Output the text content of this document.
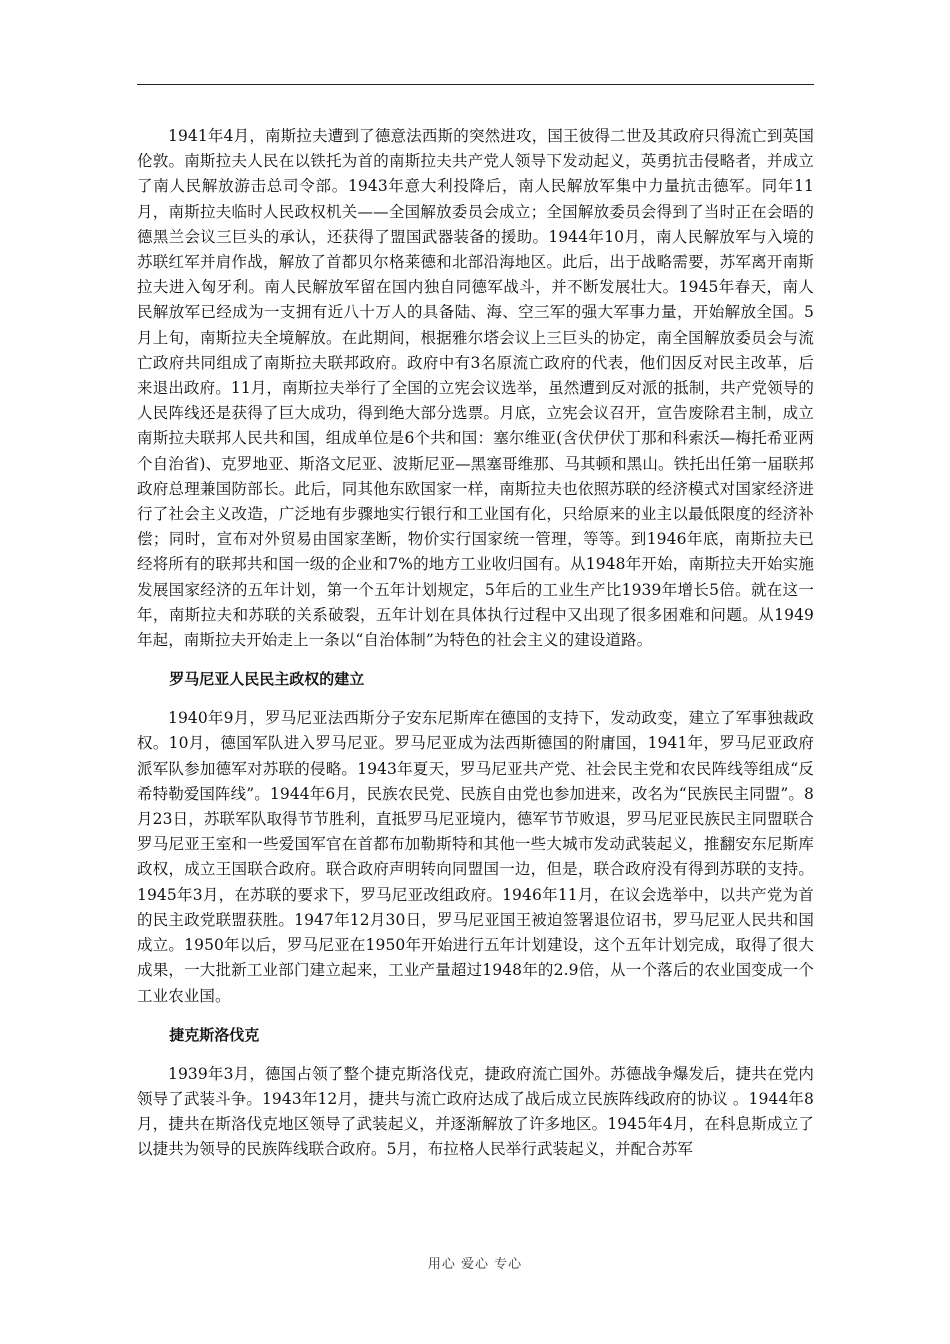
1941年4月，南斯拉夫遭到了德意法西斯的突然进攻，国王彼得二世及其政府只得流亡到英国伦敦。南斯拉夫人民在以铁托为首的南斯拉夫共产党人领导下发动起义，英勇抗击侵略者，并成立了南人民解放游击总司令部。1943年意大利投降后，南人民解放军集中力量抗击德军。同年11月，南斯拉夫临时人民政权机关——全国解放委员会成立；全国解放委员会得到了当时正在会晤的德黑兰会议三巨头的承认，还获得了盟国武器装备的援助。1944年10月，南人民解放军与入境的苏联红军并肩作战，解放了首都贝尔格莱德和北部沿海地区。此后，出于战略需要，苏军离开南斯拉夫进入匈牙利。南人民解放军留在国内独自同德军战斗，并不断发展壮大。1945年春天，南人民解放军已经成为一支拥有近八十万人的具备陆、海、空三军的强大军事力量，开始解放全国。5月上旬，南斯拉夫全境解放。在此期间，根据雅尔塔会议上三巨头的协定，南全国解放委员会与流亡政府共同组成了南斯拉夫联邦政府。政府中有3名原流亡政府的代表，他们因反对民主改革，后来退出政府。11月，南斯拉夫举行了全国的立宪会议选举，虽然遭到反对派的抵制，共产党领导的人民阵线还是获得了巨大成功，得到绝大部分选票。月底，立宪会议召开，宣告废除君主制，成立南斯拉夫联邦人民共和国，组成单位是6个共和国：塞尔维亚(含伏伊伏丁那和科索沃—梅托希亚两个自治省)、克罗地亚、斯洛文尼亚、波斯尼亚—黑塞哥维那、马其顿和黑山。铁托出任第一届联邦政府总理兼国防部长。此后，同其他东欧国家一样，南斯拉夫也依照苏联的经济模式对国家经济进行了社会主义改造，广泛地有步骤地实行银行和工业国有化，只给原来的业主以最低限度的经济补偿；同时，宣布对外贸易由国家垄断，物价实行国家统一管理，等等。到1946年底，南斯拉夫已经将所有的联邦共和国一级的企业和7%的地方工业收归国有。从1948年开始，南斯拉夫开始实施发展国家经济的五年计划，第一个五年计划规定，5年后的工业生产比1939年增长5倍。就在这一年，南斯拉夫和苏联的关系破裂，五年计划在具体执行过程中又出现了很多困难和问题。从1949年起，南斯拉夫开始走上一条以“自治体制”为特色的社会主义的建设道路。

罗马尼亚人民民主政权的建立

1940年9月，罗马尼亚法西斯分子安东尼斯库在德国的支持下，发动政变，建立了军事独裁政权。10月，德国军队进入罗马尼亚。罗马尼亚成为法西斯德国的附庸国，1941年，罗马尼亚政府派军队参加德军对苏联的侵略。1943年夏天，罗马尼亚共产党、社会民主党和农民阵线等组成“反希特勒爱国阵线”。1944年6月，民族农民党、民族自由党也参加进来，改名为“民族民主同盟”。8月23日，苏联军队取得节节胜利，直抵罗马尼亚境内，德军节节败退，罗马尼亚民族民主同盟联合罗马尼亚王室和一些爱国军官在首都布加勒斯特和其他一些大城市发动武装起义，推翻安东尼斯库政权，成立王国联合政府。联合政府声明转向同盟国一边，但是，联合政府没有得到苏联的支持。1945年3月，在苏联的要求下，罗马尼亚改组政府。1946年11月，在议会选举中，以共产党为首的民主政党联盟获胜。1947年12月30日，罗马尼亚国王被迫签署退位诏书，罗马尼亚人民共和国成立。1950年以后，罗马尼亚在1950年开始进行五年计划建设，这个五年计划完成，取得了很大成果，一大批新工业部门建立起来，工业产量超过1948年的2.9倍，从一个落后的农业国变成一个工业农业国。

捷克斯洛伐克

1939年3月，德国占领了整个捷克斯洛伐克，捷政府流亡国外。苏德战争爆发后，捷共在党内领导了武装斗争。1943年12月，捷共与流亡政府达成了战后成立民族阵线政府的协议 。1944年8月，捷共在斯洛伐克地区领导了武装起义，并逐渐解放了许多地区。1945年4月，在科息斯成立了以捷共为领导的民族阵线联合政府。5月，布拉格人民举行武装起义，并配合苏军

用心 爱心 专心
